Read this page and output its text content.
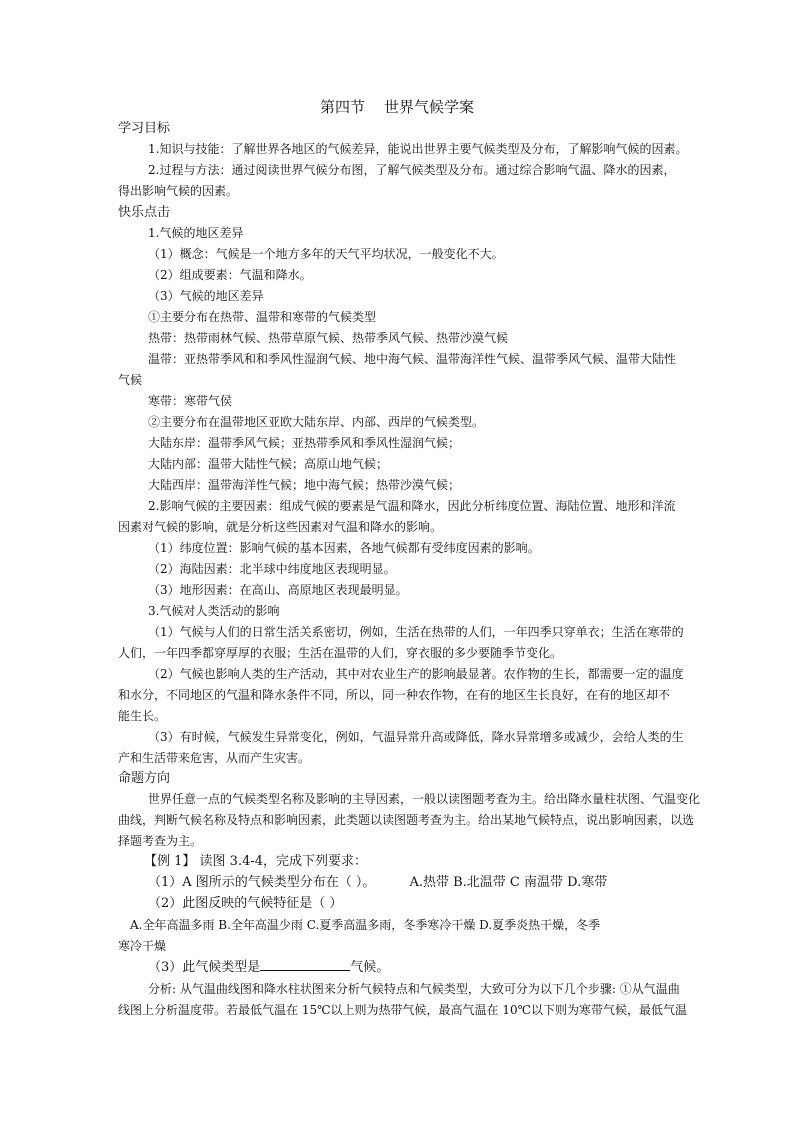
第四节    世界气候学案
学习目标
1.知识与技能：了解世界各地区的气候差异，能说出世界主要气候类型及分布，了解影响气候的因素。
2.过程与方法：通过阅读世界气候分布图，了解气候类型及分布。通过综合影响气温、降水的因素，
得出影响气候的因素。
快乐点击
1.气候的地区差异
（1）概念：气候是一个地方多年的天气平均状况，一般变化不大。
（2）组成要素：气温和降水。
（3）气候的地区差异
①主要分布在热带、温带和寒带的气候类型
热带：热带雨林气候、热带草原气候、热带季风气候、热带沙漠气候
温带：亚热带季风和和季风性湿润气候、地中海气候、温带海洋性气候、温带季风气候、温带大陆性
气候
寒带：寒带气侯
②主要分布在温带地区亚欧大陆东岸、内部、西岸的气候类型。
大陆东岸：温带季风气候；亚热带季风和季风性湿润气候；
大陆内部：温带大陆性气候；高原山地气候；
大陆西岸：温带海洋性气候；地中海气候；热带沙漠气候；
2.影响气候的主要因素：组成气候的要素是气温和降水，因此分析纬度位置、海陆位置、地形和洋流
因素对气候的影响，就是分析这些因素对气温和降水的影响。
（1）纬度位置：影响气候的基本因素，各地气候都有受纬度因素的影响。
（2）海陆因素：北半球中纬度地区表现明显。
（3）地形因素：在高山、高原地区表现最明显。
3.气候对人类活动的影响
（1）气候与人们的日常生活关系密切，例如，生活在热带的人们，一年四季只穿单衣；生活在寒带的
人们，一年四季都穿厚厚的衣服；生活在温带的人们，穿衣服的多少要随季节变化。
（2）气候也影响人类的生产活动，其中对农业生产的影响最显著。农作物的生长，都需要一定的温度
和水分，不同地区的气温和降水条件不同，所以，同一种农作物，在有的地区生长良好，在有的地区却不
能生长。
（3）有时候，气候发生异常变化，例如，气温异常升高或降低，降水异常增多或减少，会给人类的生
产和生活带来危害，从而产生灾害。
命题方向
世界任意一点的气候类型名称及影响的主导因素，一般以读图题考查为主。给出降水量柱状图、气温变化
曲线，判断气候名称及特点和影响因素，此类题以读图题考查为主。给出某地气候特点，说出影响因素，以选
择题考查为主。
【例 1】 读图 3.4-4，完成下列要求：
（1）A 图所示的气候类型分布在（ ）。	A.热带 B.北温带 C 南温带 D.寒带
（2）此图反映的气候特征是（ ）
A.全年高温多雨 B.全年高温少雨 C.夏季高温多雨，冬季寒冷干燥 D.夏季炎热干燥，冬季
寒冷干燥
（3）此气候类型是	气候。
分析: 从气温曲线图和降水柱状图来分析气候特点和气候类型，大致可分为以下几个步骤: ①从气温曲
线图上分析温度带。若最低气温在 15℃以上则为热带气候，最高气温在 10℃以下则为寒带气候，最低气温
